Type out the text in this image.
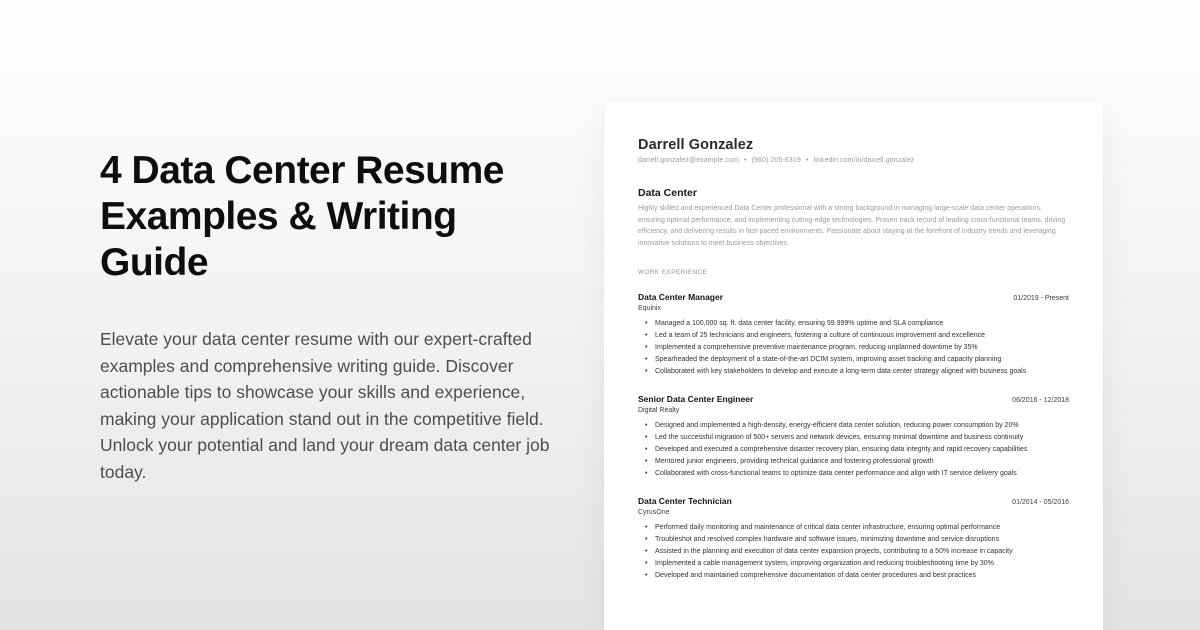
4 Data Center Resume Examples & Writing Guide

Elevate your data center resume with our expert-crafted examples and comprehensive writing guide. Discover actionable tips to showcase your skills and experience, making your application stand out in the competitive field. Unlock your potential and land your dream data center job today.

Darrell Gonzalez
darrell.gonzalez@example.com • (960) 205-6319 • linkedin.com/in/darrell.gonzalez
Data Center
Highly skilled and experienced Data Center professional with a strong background in managing large-scale data center operations, ensuring optimal performance, and implementing cutting-edge technologies. Proven track record of leading cross-functional teams, driving efficiency, and delivering results in fast-paced environments. Passionate about staying at the forefront of industry trends and leveraging innovative solutions to meet business objectives.
WORK EXPERIENCE
Data Center Manager	01/2019 - Present
Equinix
• Managed a 100,000 sq. ft. data center facility, ensuring 99.999% uptime and SLA compliance
• Led a team of 25 technicians and engineers, fostering a culture of continuous improvement and excellence
• Implemented a comprehensive preventive maintenance program, reducing unplanned downtime by 35%
• Spearheaded the deployment of a state-of-the-art DCIM system, improving asset tracking and capacity planning
• Collaborated with key stakeholders to develop and execute a long-term data center strategy aligned with business goals
Senior Data Center Engineer	06/2016 - 12/2018
Digital Realty
• Designed and implemented a high-density, energy-efficient data center solution, reducing power consumption by 20%
• Led the successful migration of 500+ servers and network devices, ensuring minimal downtime and business continuity
• Developed and executed a comprehensive disaster recovery plan, ensuring data integrity and rapid recovery capabilities
• Mentored junior engineers, providing technical guidance and fostering professional growth
• Collaborated with cross-functional teams to optimize data center performance and align with IT service delivery goals
Data Center Technician	01/2014 - 05/2016
CyrusOne
• Performed daily monitoring and maintenance of critical data center infrastructure, ensuring optimal performance
• Troubleshot and resolved complex hardware and software issues, minimizing downtime and service disruptions
• Assisted in the planning and execution of data center expansion projects, contributing to a 50% increase in capacity
• Implemented a cable management system, improving organization and reducing troubleshooting time by 30%
• Developed and maintained comprehensive documentation of data center procedures and best practices
